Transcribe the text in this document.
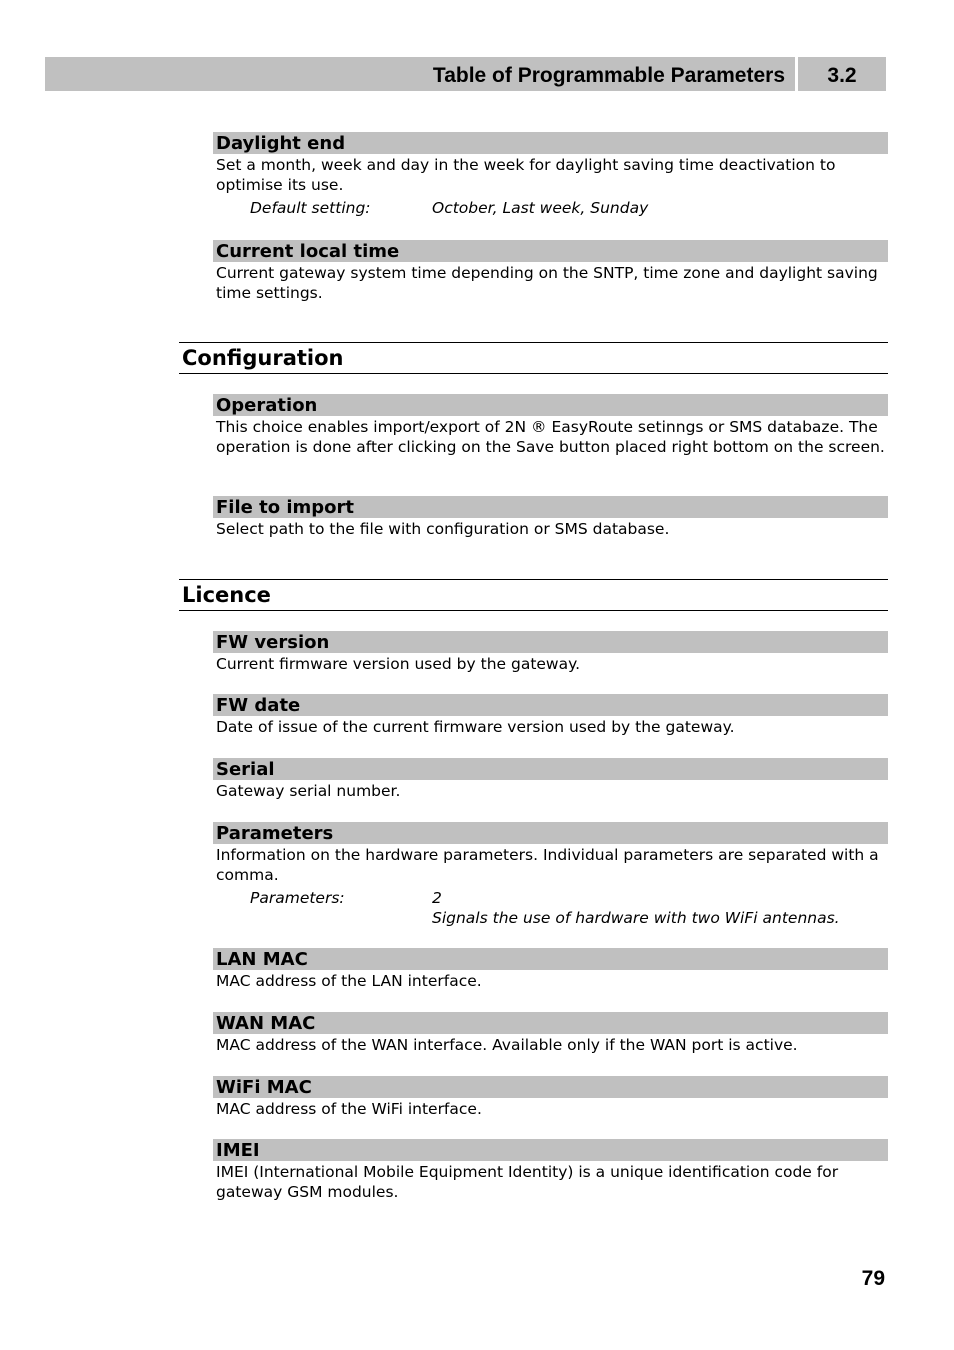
Table of Programmable Parameters	3.2
Daylight end
Set a month, week and day in the week for daylight saving time deactivation to optimise its use.
Default setting:	October, Last week, Sunday
Current local time
Current gateway system time depending on the SNTP, time zone and daylight saving time settings.
Configuration
Operation
This choice enables import/export of 2N ® EasyRoute setinngs or SMS databaze. The operation is done after clicking on the Save button placed right bottom on the screen.
File to import
Select path to the file with configuration or SMS database.
Licence
FW version
Current firmware version used by the gateway.
FW date
Date of issue of the current firmware version used by the gateway.
Serial
Gateway serial number.
Parameters
Information on the hardware parameters. Individual parameters are separated with a comma.
Parameters:	2
Signals the use of hardware with two WiFi antennas.
LAN MAC
MAC address of the LAN interface.
WAN MAC
MAC address of the WAN interface. Available only if the WAN port is active.
WiFi MAC
MAC address of the WiFi interface.
IMEI
IMEI (International Mobile Equipment Identity) is a unique identification code for gateway GSM modules.
79
